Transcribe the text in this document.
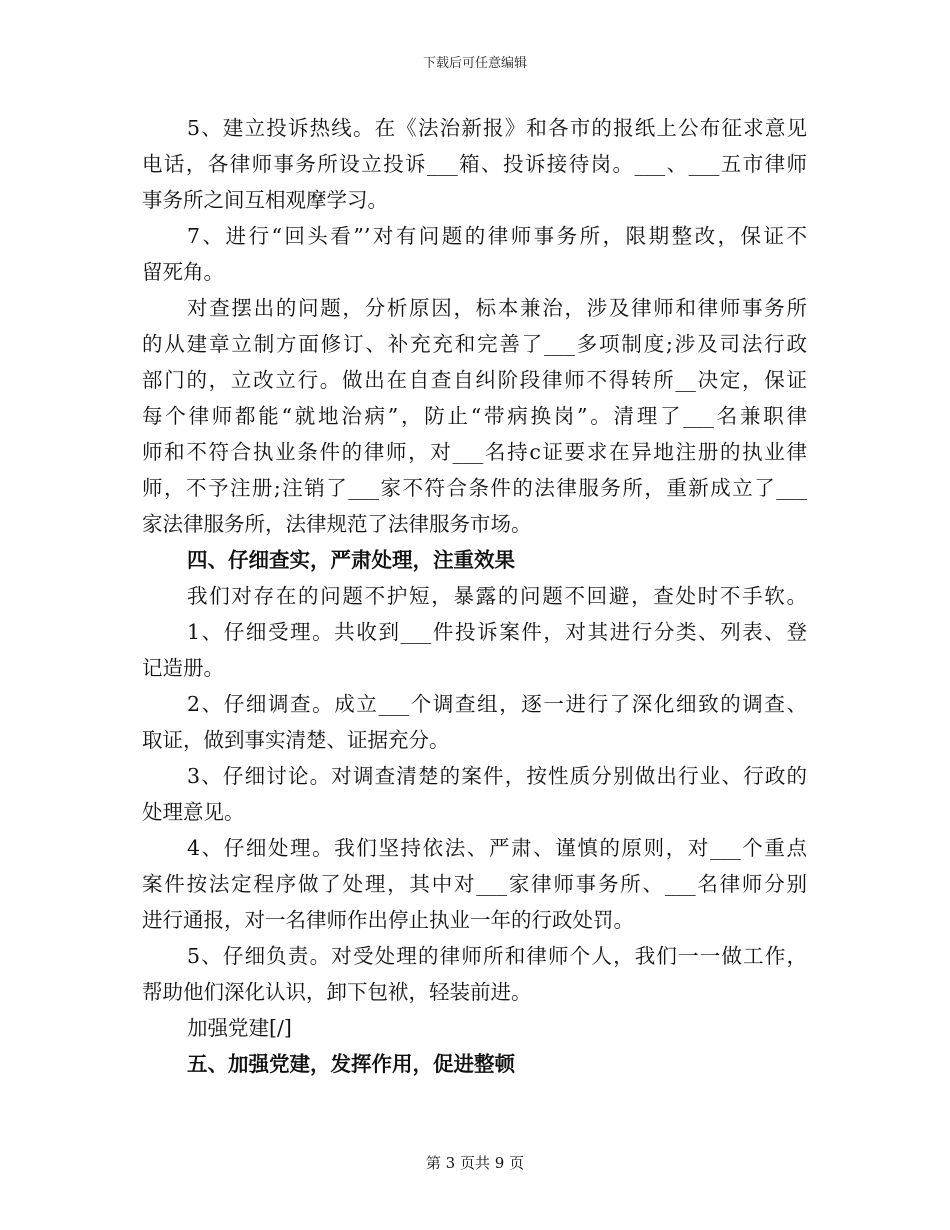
下载后可任意编辑
5、建立投诉热线。在《法治新报》和各市的报纸上公布征求意见
电话，各律师事务所设立投诉___箱、投诉接待岗。___、___五市律师
事务所之间互相观摩学习。
7、进行“回头看”’对有问题的律师事务所，限期整改，保证不
留死角。
对查摆出的问题，分析原因，标本兼治，涉及律师和律师事务所
的从建章立制方面修订、补充充和完善了___多项制度;涉及司法行政
部门的，立改立行。做出在自查自纠阶段律师不得转所__决定，保证
每个律师都能“就地治病”，防止“带病换岗”。清理了___名兼职律
师和不符合执业条件的律师，对___名持c证要求在异地注册的执业律
师，不予注册;注销了___家不符合条件的法律服务所，重新成立了___
家法律服务所，法律规范了法律服务市场。
四、仔细查实，严肃处理，注重效果
我们对存在的问题不护短，暴露的问题不回避，查处时不手软。
1、仔细受理。共收到___件投诉案件，对其进行分类、列表、登
记造册。
2、仔细调查。成立___个调查组，逐一进行了深化细致的调查、
取证，做到事实清楚、证据充分。
3、仔细讨论。对调查清楚的案件，按性质分别做出行业、行政的
处理意见。
4、仔细处理。我们坚持依法、严肃、谨慎的原则，对___个重点
案件按法定程序做了处理，其中对___家律师事务所、___名律师分别
进行通报，对一名律师作出停止执业一年的行政处罚。
5、仔细负责。对受处理的律师所和律师个人，我们一一做工作，
帮助他们深化认识，卸下包袱，轻装前进。
加强党建[/]
五、加强党建，发挥作用，促进整顿
第 3 页共 9 页
